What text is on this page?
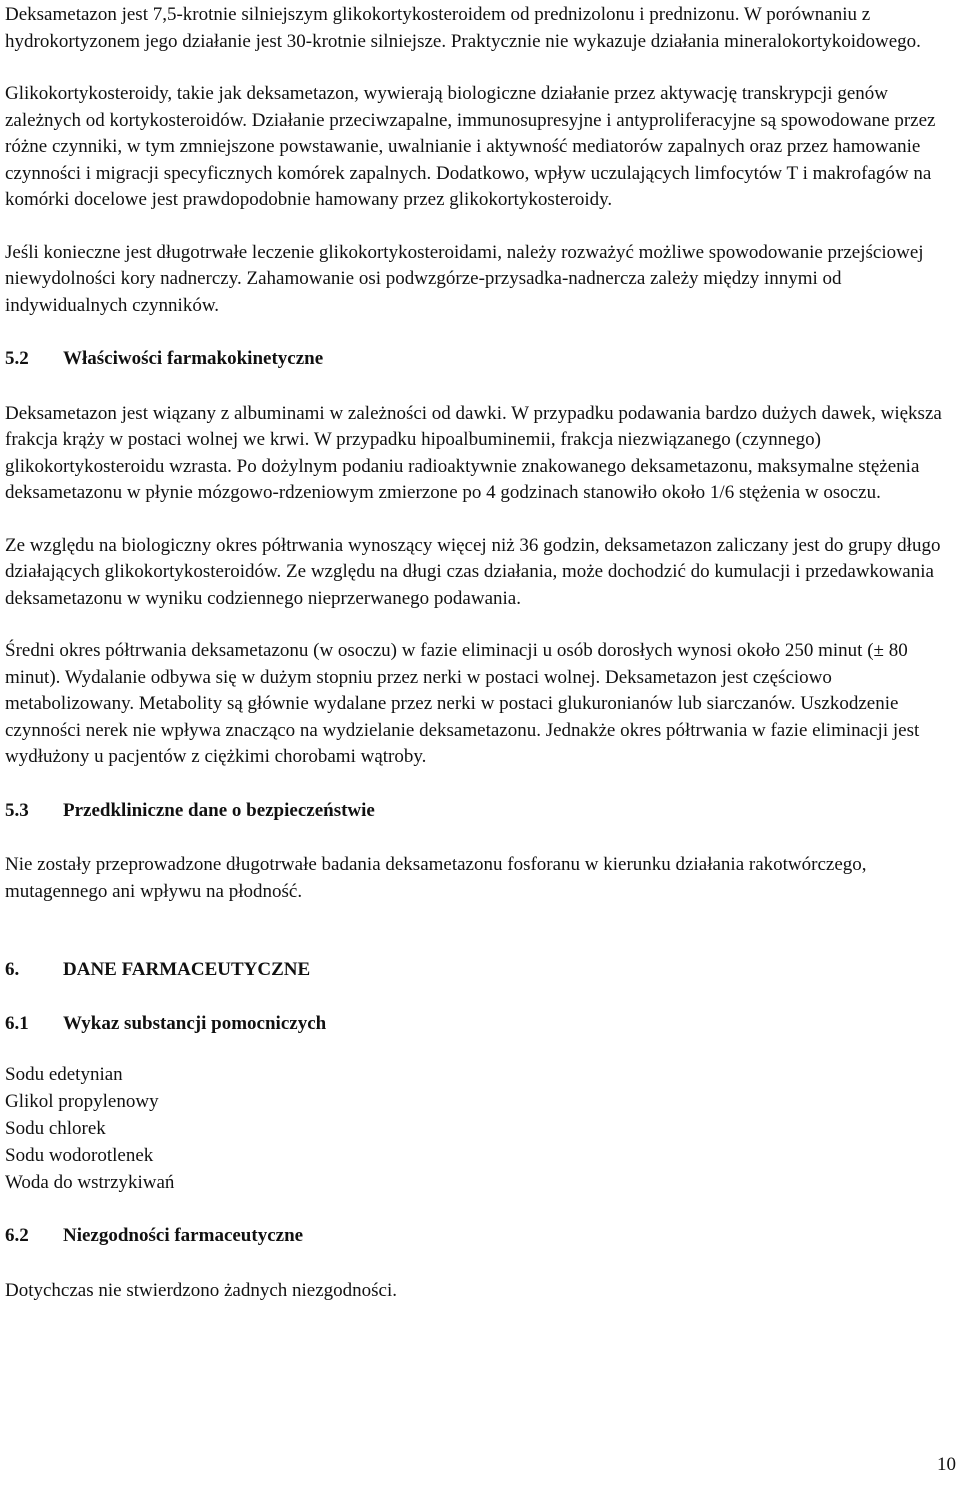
Deksametazon jest 7,5-krotnie silniejszym glikokortykosteroidem od prednizolonu i prednizonu. W porównaniu z hydrokortyzonem jego działanie jest 30-krotnie silniejsze. Praktycznie nie wykazuje działania mineralokortykoidowego.

Glikokortykosteroidy, takie jak deksametazon, wywierają biologiczne działanie przez aktywację transkrypcji genów zależnych od kortykosteroidów. Działanie przeciwzapalne, immunosupresyjne i antyproliferacyjne są spowodowane przez różne czynniki, w tym zmniejszone powstawanie, uwalnianie i aktywność mediatorów zapalnych oraz przez hamowanie czynności i migracji specyficznych komórek zapalnych. Dodatkowo, wpływ uczulających limfocytów T i makrofagów na komórki docelowe jest prawdopodobnie hamowany przez glikokortykosteroidy.

Jeśli konieczne jest długotrwałe leczenie glikokortykosteroidami, należy rozważyć możliwe spowodowanie przejściowej niewydolności kory nadnerczy. Zahamowanie osi podwzgórze-przysadka-nadnercza zależy między innymi od indywidualnych czynników.

5.2	Właściwości farmakokinetyczne

Deksametazon jest wiązany z albuminami w zależności od dawki. W przypadku podawania bardzo dużych dawek, większa frakcja krąży w postaci wolnej we krwi. W przypadku hipoalbuminemii, frakcja niezwiązanego (czynnego) glikokortykosteroidu wzrasta. Po dożylnym podaniu radioaktywnie znakowanego deksametazonu, maksymalne stężenia deksametazonu w płynie mózgowo-rdzeniowym zmierzone po 4 godzinach stanowiło około 1/6 stężenia w osoczu.

Ze względu na biologiczny okres półtrwania wynoszący więcej niż 36 godzin, deksametazon zaliczany jest do grupy długo działających glikokortykosteroidów. Ze względu na długi czas działania, może dochodzić do kumulacji i przedawkowania deksametazonu w wyniku codziennego nieprzerwanego podawania.

Średni okres półtrwania deksametazonu (w osoczu) w fazie eliminacji u osób dorosłych wynosi około 250 minut (± 80 minut). Wydalanie odbywa się w dużym stopniu przez nerki w postaci wolnej. Deksametazon jest częściowo metabolizowany. Metabolity są głównie wydalane przez nerki w postaci glukuronianów lub siarczanów. Uszkodzenie czynności nerek nie wpływa znacząco na wydzielanie deksametazonu. Jednakże okres półtrwania w fazie eliminacji jest wydłużony u pacjentów z ciężkimi chorobami wątroby.

5.3	Przedkliniczne dane o bezpieczeństwie

Nie zostały przeprowadzone długotrwałe badania deksametazonu fosforanu w kierunku działania rakotwórczego, mutagennego ani wpływu na płodność.

6.	DANE FARMACEUTYCZNE
6.1	Wykaz substancji pomocniczych
Sodu edetynian
Glikol propylenowy
Sodu chlorek
Sodu wodorotlenek
Woda do wstrzykiwań
6.2	Niezgodności farmaceutyczne

Dotychczas nie stwierdzono żadnych niezgodności.

10
